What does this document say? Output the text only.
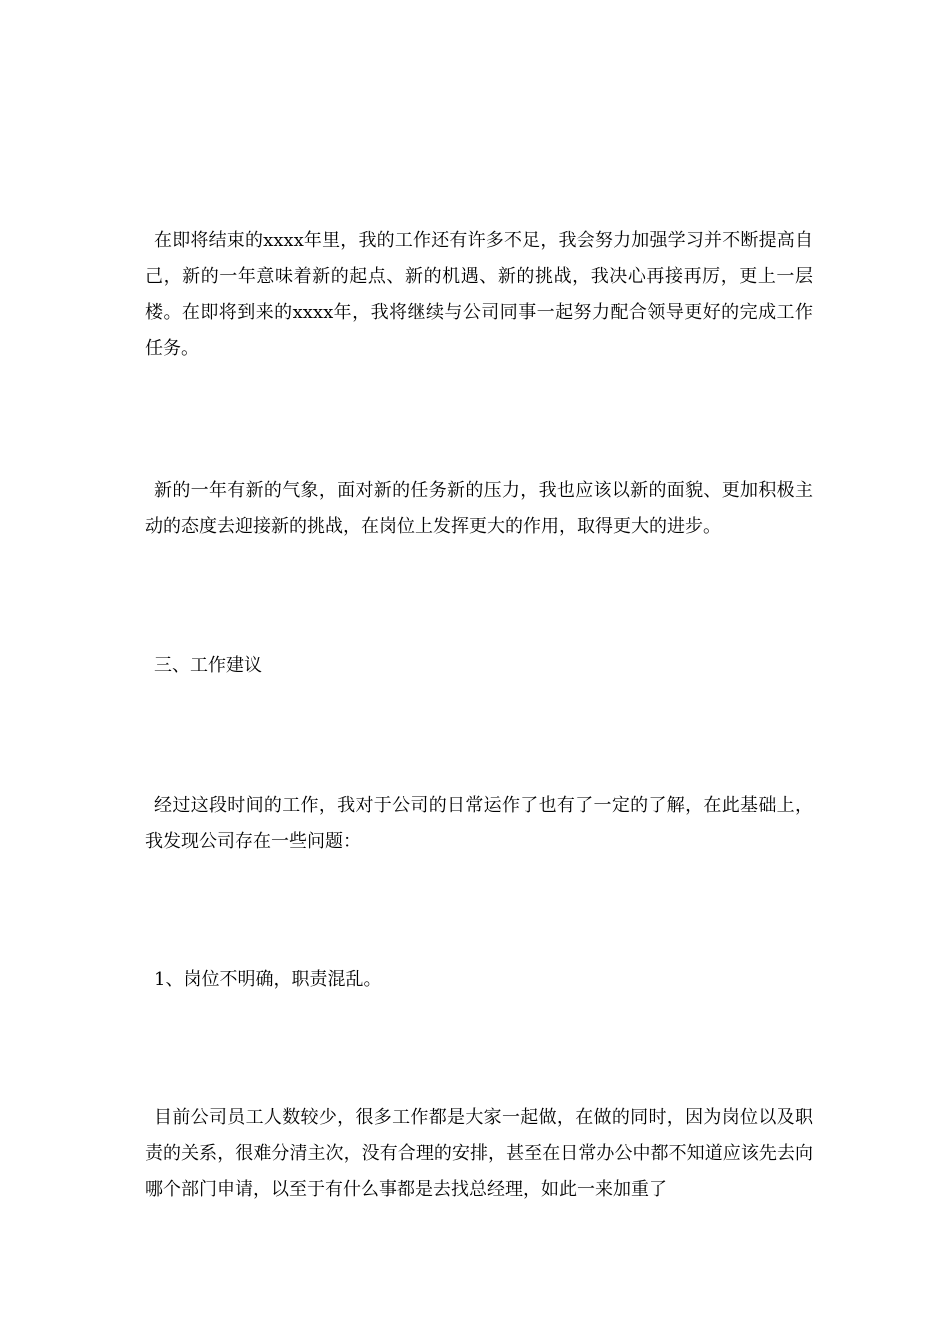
在即将结束的xxxx年里，我的工作还有许多不足，我会努力加强学习并不断提高自己，新的一年意味着新的起点、新的机遇、新的挑战，我决心再接再厉，更上一层楼。在即将到来的xxxx年，我将继续与公司同事一起努力配合领导更好的完成工作任务。

新的一年有新的气象，面对新的任务新的压力，我也应该以新的面貌、更加积极主动的态度去迎接新的挑战，在岗位上发挥更大的作用，取得更大的进步。

三、工作建议

经过这段时间的工作，我对于公司的日常运作了也有了一定的了解，在此基础上，我发现公司存在一些问题：

1、岗位不明确，职责混乱。

目前公司员工人数较少，很多工作都是大家一起做，在做的同时，因为岗位以及职责的关系，很难分清主次，没有合理的安排，甚至在日常办公中都不知道应该先去向哪个部门申请，以至于有什么事都是去找总经理，如此一来加重了
